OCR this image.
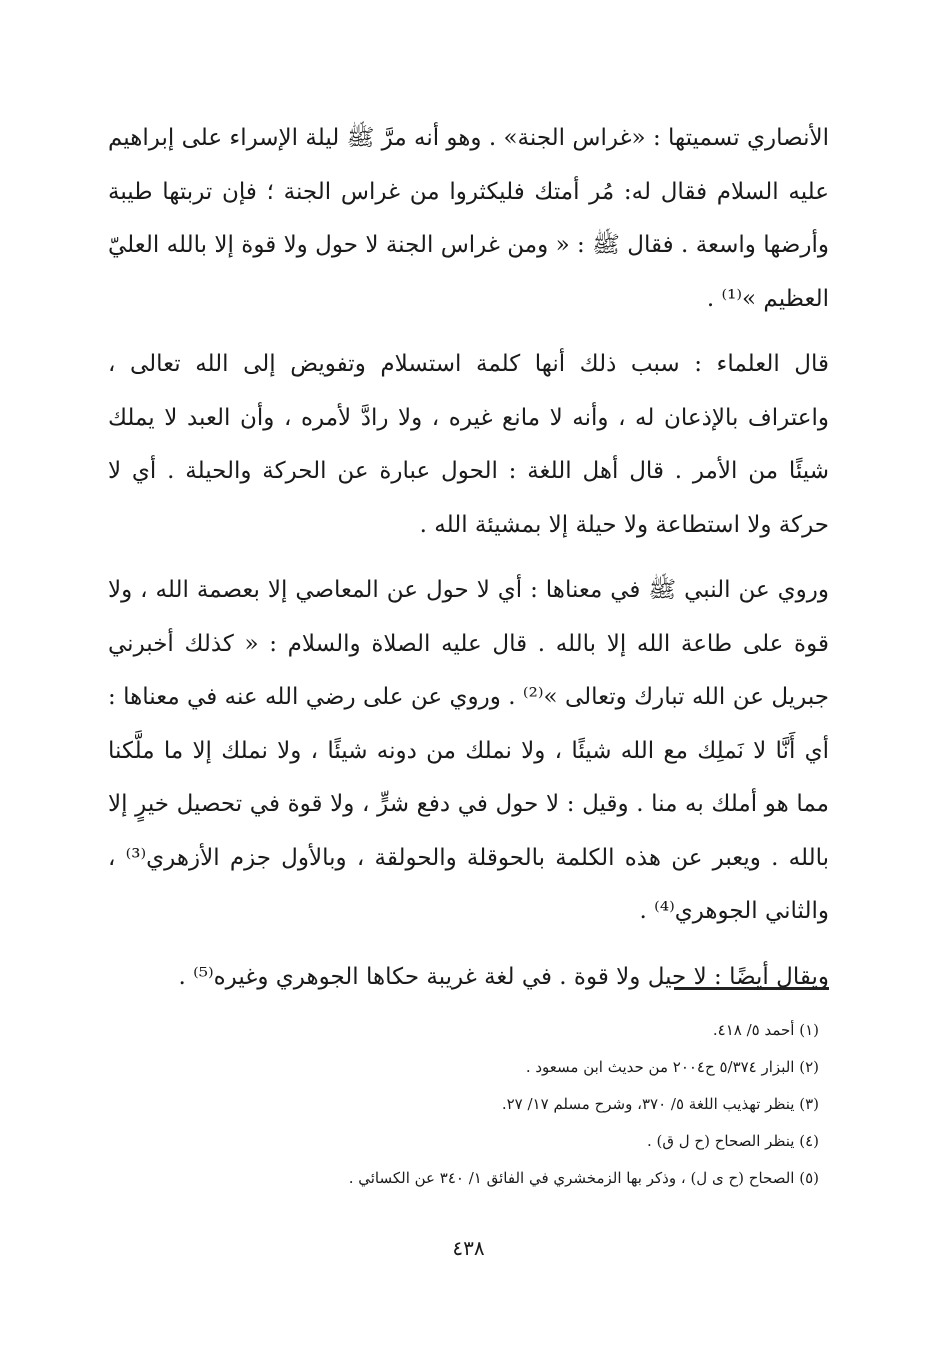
الأنصاري تسميتها : «غراس الجنة» . وهو أنه مرَّ ﷺ ليلة الإسراء على إبراهيم عليه السلام فقال له: مُر أمتك فليكثروا من غراس الجنة ؛ فإن تربتها طيبة وأرضها واسعة . فقال ﷺ : « ومن غراس الجنة لا حول ولا قوة إلا بالله العليّ العظيم »⁽¹⁾ .

قال العلماء : سبب ذلك أنها كلمة استسلام وتفويض إلى الله تعالى ، واعتراف بالإذعان له ، وأنه لا مانع غيره ، ولا رادَّ لأمره ، وأن العبد لا يملك شيئًا من الأمر . قال أهل اللغة : الحول عبارة عن الحركة والحيلة . أي لا حركة ولا استطاعة ولا حيلة إلا بمشيئة الله .

وروي عن النبي ﷺ في معناها : أي لا حول عن المعاصي إلا بعصمة الله ، ولا قوة على طاعة الله إلا بالله . قال عليه الصلاة والسلام : « كذلك أخبرني جبريل عن الله تبارك وتعالى »⁽²⁾ . وروي عن على رضي الله عنه في معناها : أي أَنَّا لا نَملِك مع الله شيئًا ، ولا نملك من دونه شيئًا ، ولا نملك إلا ما ملَّكنا مما هو أملك به منا . وقيل : لا حول في دفع شرٍّ ، ولا قوة في تحصيل خيرٍ إلا بالله . ويعبر عن هذه الكلمة بالحوقلة والحولقة ، وبالأول جزم الأزهري⁽³⁾ ، والثاني الجوهري⁽⁴⁾ .

ويقال أيضًا : لا حيل ولا قوة . في لغة غريبة حكاها الجوهري وغيره⁽⁵⁾ .

(١) أحمد ٥/ ٤١٨.

(٢) البزار ٥/٣٧٤ ح٢٠٠٤ من حديث ابن مسعود .

(٣) ينظر تهذيب اللغة ٥/ ٣٧٠، وشرح مسلم ١٧/ ٢٧.

(٤) ينظر الصحاح (ح ل ق) .

(٥) الصحاح (ح ى ل) ، وذكر بها الزمخشري في الفائق ١/ ٣٤٠ عن الكسائي .

٤٣٨
